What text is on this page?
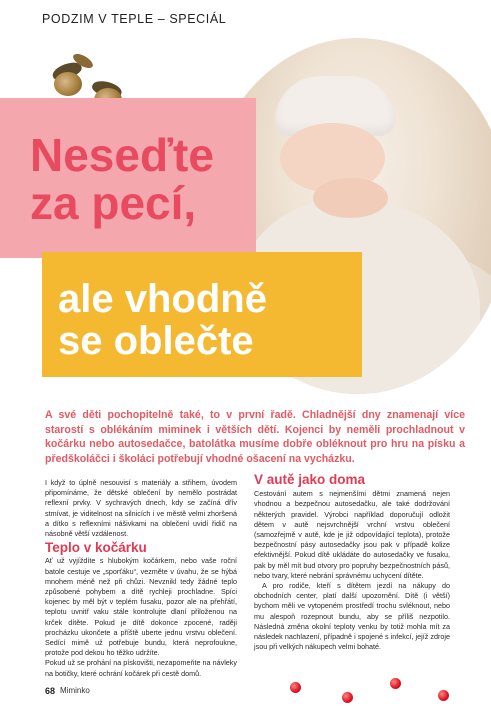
PODZIM V TEPLE – SPECIÁL
Neseďte
za pecí,
ale vhodně
se oblečte
A své děti pochopitelně také, to v první řadě. Chladnější dny znamenají více starostí s oblékáním miminek i větších dětí. Kojenci by neměli prochladnout v kočárku nebo autosedačce, batolátka musíme dobře obléknout pro hru na písku a předškoláčci i školáci potřebují vhodné ošacení na vycházku.

I když to úplně nesouvisí s materiály a střihem, úvodem připomínáme, že dětské oblečení by nemělo postrádat reflexní prvky. V sychravých dnech, kdy se začíná dřív stmívat, je viditelnost na silnicích i ve městě velmi zhoršená a dítko s reflexními nášivkami na oblečení uvidí řidič na násobně větší vzdálenost.

Teplo v kočárku

Ať už vyjíždíte s hlubokým kočárkem, nebo vaše roční batole cestuje ve „sporťáku“, vezměte v úvahu, že se hýbá mnohem méně než při chůzi. Nevznikl tedy žádné teplo způsobené pohybem a dítě rychleji prochladne. Spíci kojenec by měl být v teplém fusaku, pozor ale na přehřátí, teplotu uvnitř vaku stále kontrolujte dlaní přiloženou na krček dítěte. Pokud je dítě dokonce zpocené, raději procházku ukončete a příště uberte jednu vrstvu oblečení. Sedící mimě už potřebuje bundu, která neprofoukne, protože pod dekou ho těžko udržíte.

Pokud už se prohání na pískovišti, nezapomeňte na návleky na botičky, které ochrání kočárek při cestě domů.

V autě jako doma

Cestování autem s nejmenšími dětmi znamená nejen vhodnou a bezpečnou autosedačku, ale také dodržování některých pravidel. Výrobci například doporučují odložit dětem v autě nejsvrchnější vrchní vrstvu oblečení (samozřejmě v autě, kde je již odpovídající teplota), protože bezpečnostní pásy autosedačky jsou pak v případě kolize efektivnější. Pokud dítě ukládáte do autosedačky ve fusaku, pak by měl mít bud otvory pro popruhy bezpečnostních pásů, nebo tvary, které nebrání správnému uchycení dítěte.

A pro rodiče, kteří s dítětem jezdí na nákupy do obchodních center, platí další upozornění. Dítě (i větší) bychom měli ve vytopeném prostředí trochu svléknout, nebo mu alespoň rozepnout bundu, aby se příliš nezpotilo. Následná změna okolní teploty venku by totiž mohla mít za následek nachlazení, případně i spojené s infekcí, jejíž zdroje jsou při velkých nákupech velmi bohaté.

68 Miminko
